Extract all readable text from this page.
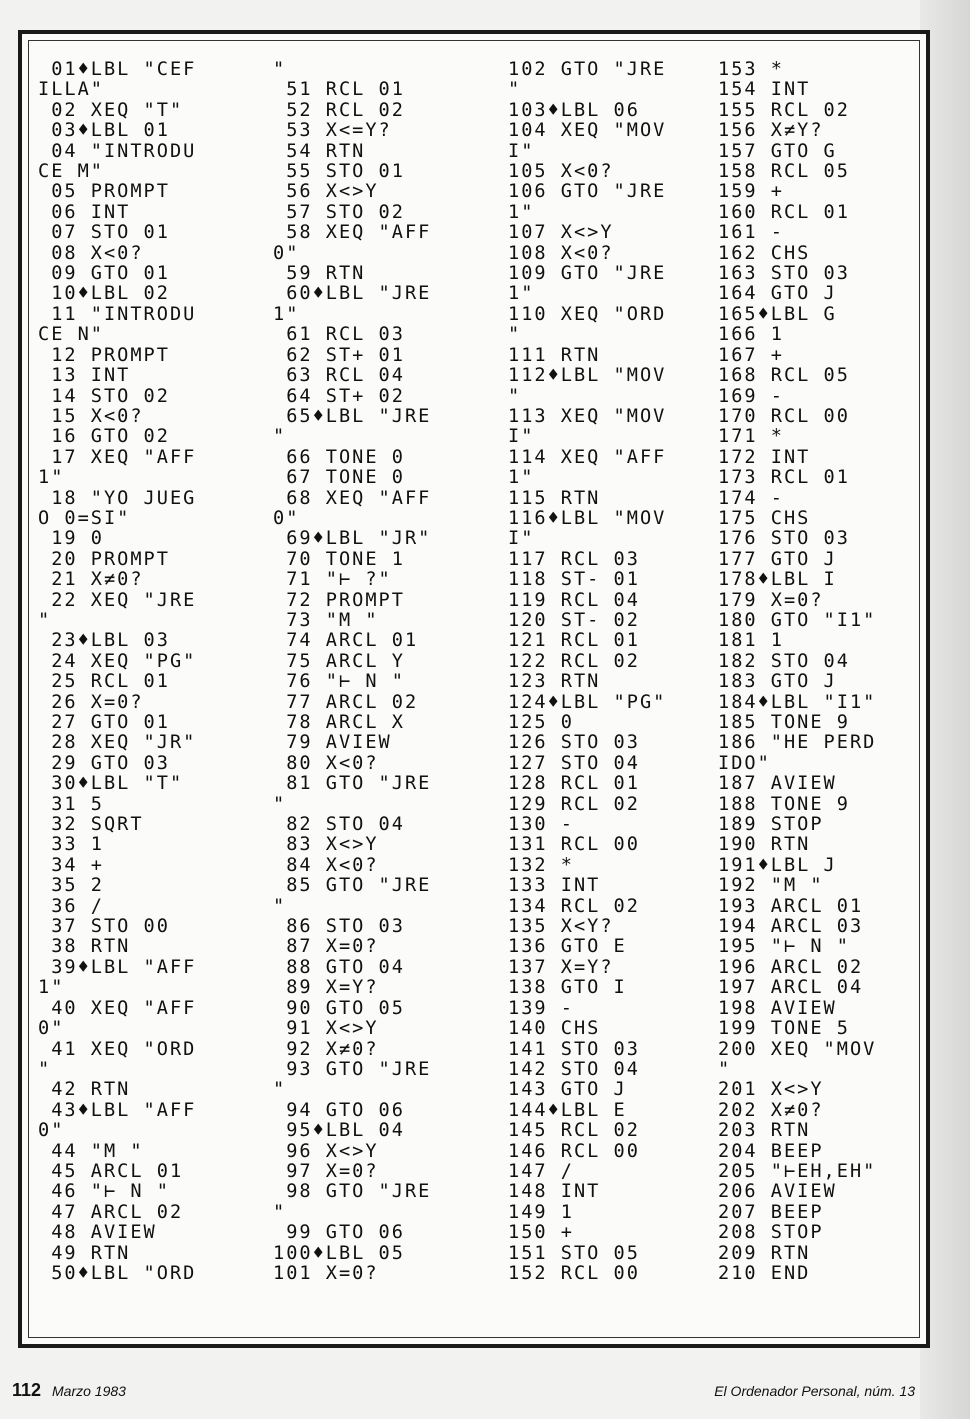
01♦LBL "CEF
ILLA"
02 XEQ "T"
03♦LBL 01
04 "INTRODU
CE M"
05 PROMPT
06 INT
07 STO 01
08 X<0?
09 GTO 01
10♦LBL 02
11 "INTRODU
CE N"
12 PROMPT
13 INT
14 STO 02
15 X<0?
16 GTO 02
17 XEQ "AFF
1"
18 "YO JUEG
O 0=SI"
19 0
20 PROMPT
21 X≠0?
22 XEQ "JRE
"
23♦LBL 03
24 XEQ "PG"
25 RCL 01
26 X=0?
27 GTO 01
28 XEQ "JR"
29 GTO 03
30♦LBL "T"
31 5
32 SQRT
33 1
34 +
35 2
36 /
37 STO 00
38 RTN
39♦LBL "AFF
1"
40 XEQ "AFF
0"
41 XEQ "ORD
"
42 RTN
43♦LBL "AFF
0"
44 "M "
45 ARCL 01
46 "⊢ N "
47 ARCL 02
48 AVIEW
49 RTN
50♦LBL "ORD
"
51 RCL 01
52 RCL 02
53 X<=Y?
54 RTN
55 STO 01
56 X<>Y
57 STO 02
58 XEQ "AFF
0"
59 RTN
60♦LBL "JRE
1"
61 RCL 03
62 ST+ 01
63 RCL 04
64 ST+ 02
65♦LBL "JRE
"
66 TONE 0
67 TONE 0
68 XEQ "AFF
0"
69♦LBL "JR"
70 TONE 1
71 "⊢ ?"
72 PROMPT
73 "M "
74 ARCL 01
75 ARCL Y
76 "⊢ N "
77 ARCL 02
78 ARCL X
79 AVIEW
80 X<0?
81 GTO "JRE
"
82 STO 04
83 X<>Y
84 X<0?
85 GTO "JRE
"
86 STO 03
87 X=0?
88 GTO 04
89 X=Y?
90 GTO 05
91 X<>Y
92 X≠0?
93 GTO "JRE
"
94 GTO 06
95♦LBL 04
96 X<>Y
97 X=0?
98 GTO "JRE
"
99 GTO 06
100♦LBL 05
101 X=0?
102 GTO "JRE
"
103♦LBL 06
104 XEQ "MOV
I"
105 X<0?
106 GTO "JRE
1"
107 X<>Y
108 X<0?
109 GTO "JRE
1"
110 XEQ "ORD
"
111 RTN
112♦LBL "MOV
"
113 XEQ "MOV
I"
114 XEQ "AFF
1"
115 RTN
116♦LBL "MOV
I"
117 RCL 03
118 ST- 01
119 RCL 04
120 ST- 02
121 RCL 01
122 RCL 02
123 RTN
124♦LBL "PG"
125 0
126 STO 03
127 STO 04
128 RCL 01
129 RCL 02
130 -
131 RCL 00
132 *
133 INT
134 RCL 02
135 X<Y?
136 GTO E
137 X=Y?
138 GTO I
139 -
140 CHS
141 STO 03
142 STO 04
143 GTO J
144♦LBL E
145 RCL 02
146 RCL 00
147 /
148 INT
149 1
150 +
151 STO 05
152 RCL 00
153 *
154 INT
155 RCL 02
156 X≠Y?
157 GTO G
158 RCL 05
159 +
160 RCL 01
161 -
162 CHS
163 STO 03
164 GTO J
165♦LBL G
166 1
167 +
168 RCL 05
169 -
170 RCL 00
171 *
172 INT
173 RCL 01
174 -
175 CHS
176 STO 03
177 GTO J
178♦LBL I
179 X=0?
180 GTO "I1"
181 1
182 STO 04
183 GTO J
184♦LBL "I1"
185 TONE 9
186 "HE PERD
IDO"
187 AVIEW
188 TONE 9
189 STOP
190 RTN
191♦LBL J
192 "M "
193 ARCL 01
194 ARCL 03
195 "⊢ N "
196 ARCL 02
197 ARCL 04
198 AVIEW
199 TONE 5
200 XEQ "MOV
"
201 X<>Y
202 X≠0?
203 RTN
204 BEEP
205 "⊢EH,EH"
206 AVIEW
207 BEEP
208 STOP
209 RTN
210 END
112 Marzo 1983	El Ordenador Personal, núm. 13
